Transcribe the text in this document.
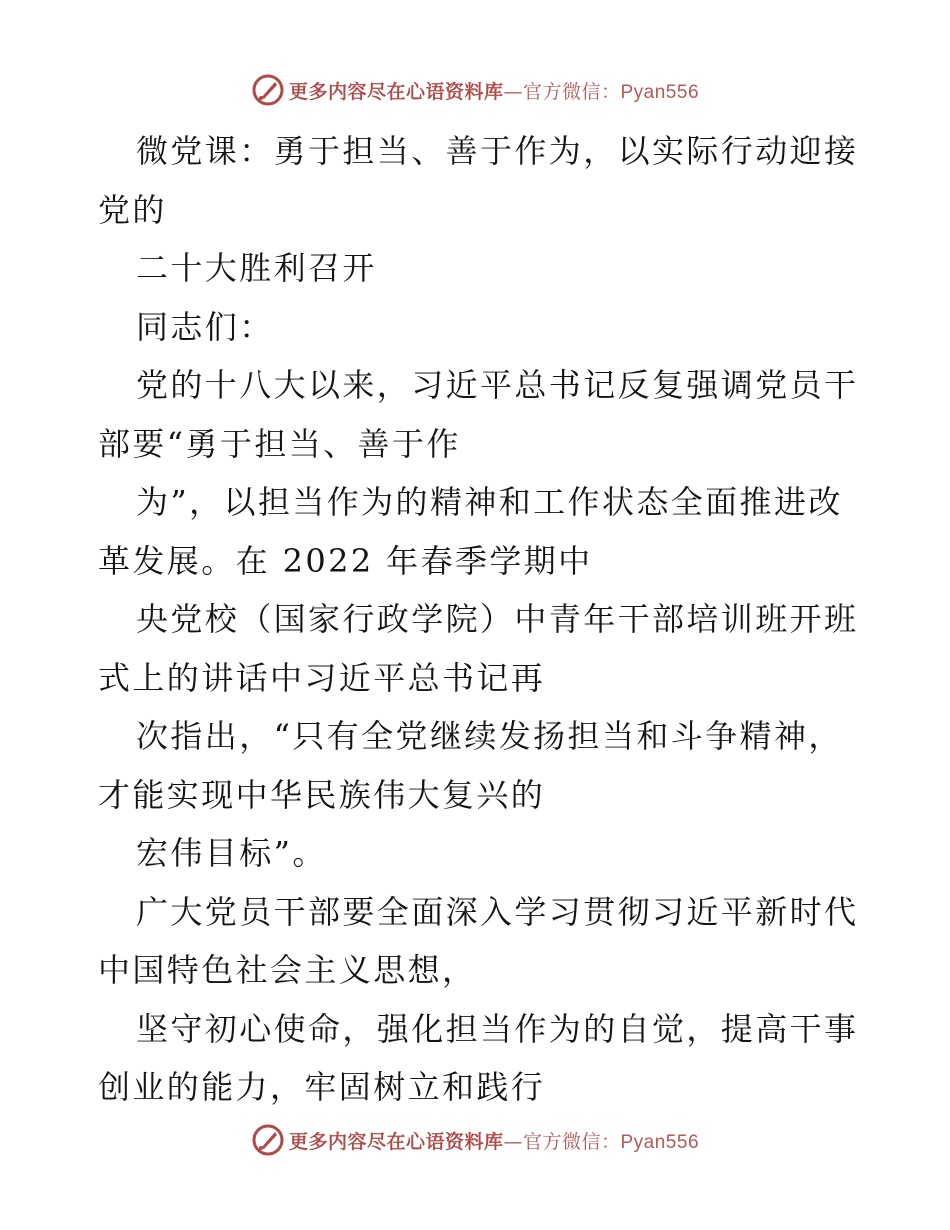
更多内容尽在心语资料库 —官方微信：Pyan556
微党课：勇于担当、善于作为，以实际行动迎接
党的
二十大胜利召开
同志们：
党的十八大以来，习近平总书记反复强调党员干
部要“勇于担当、善于作
为”，以担当作为的精神和工作状态全面推进改
革发展。在 2022 年春季学期中
央党校（国家行政学院）中青年干部培训班开班
式上的讲话中习近平总书记再
次指出，“只有全党继续发扬担当和斗争精神，
才能实现中华民族伟大复兴的
宏伟目标”。
广大党员干部要全面深入学习贯彻习近平新时代
中国特色社会主义思想，
坚守初心使命，强化担当作为的自觉，提高干事
创业的能力，牢固树立和践行
更多内容尽在心语资料库 —官方微信：Pyan556
